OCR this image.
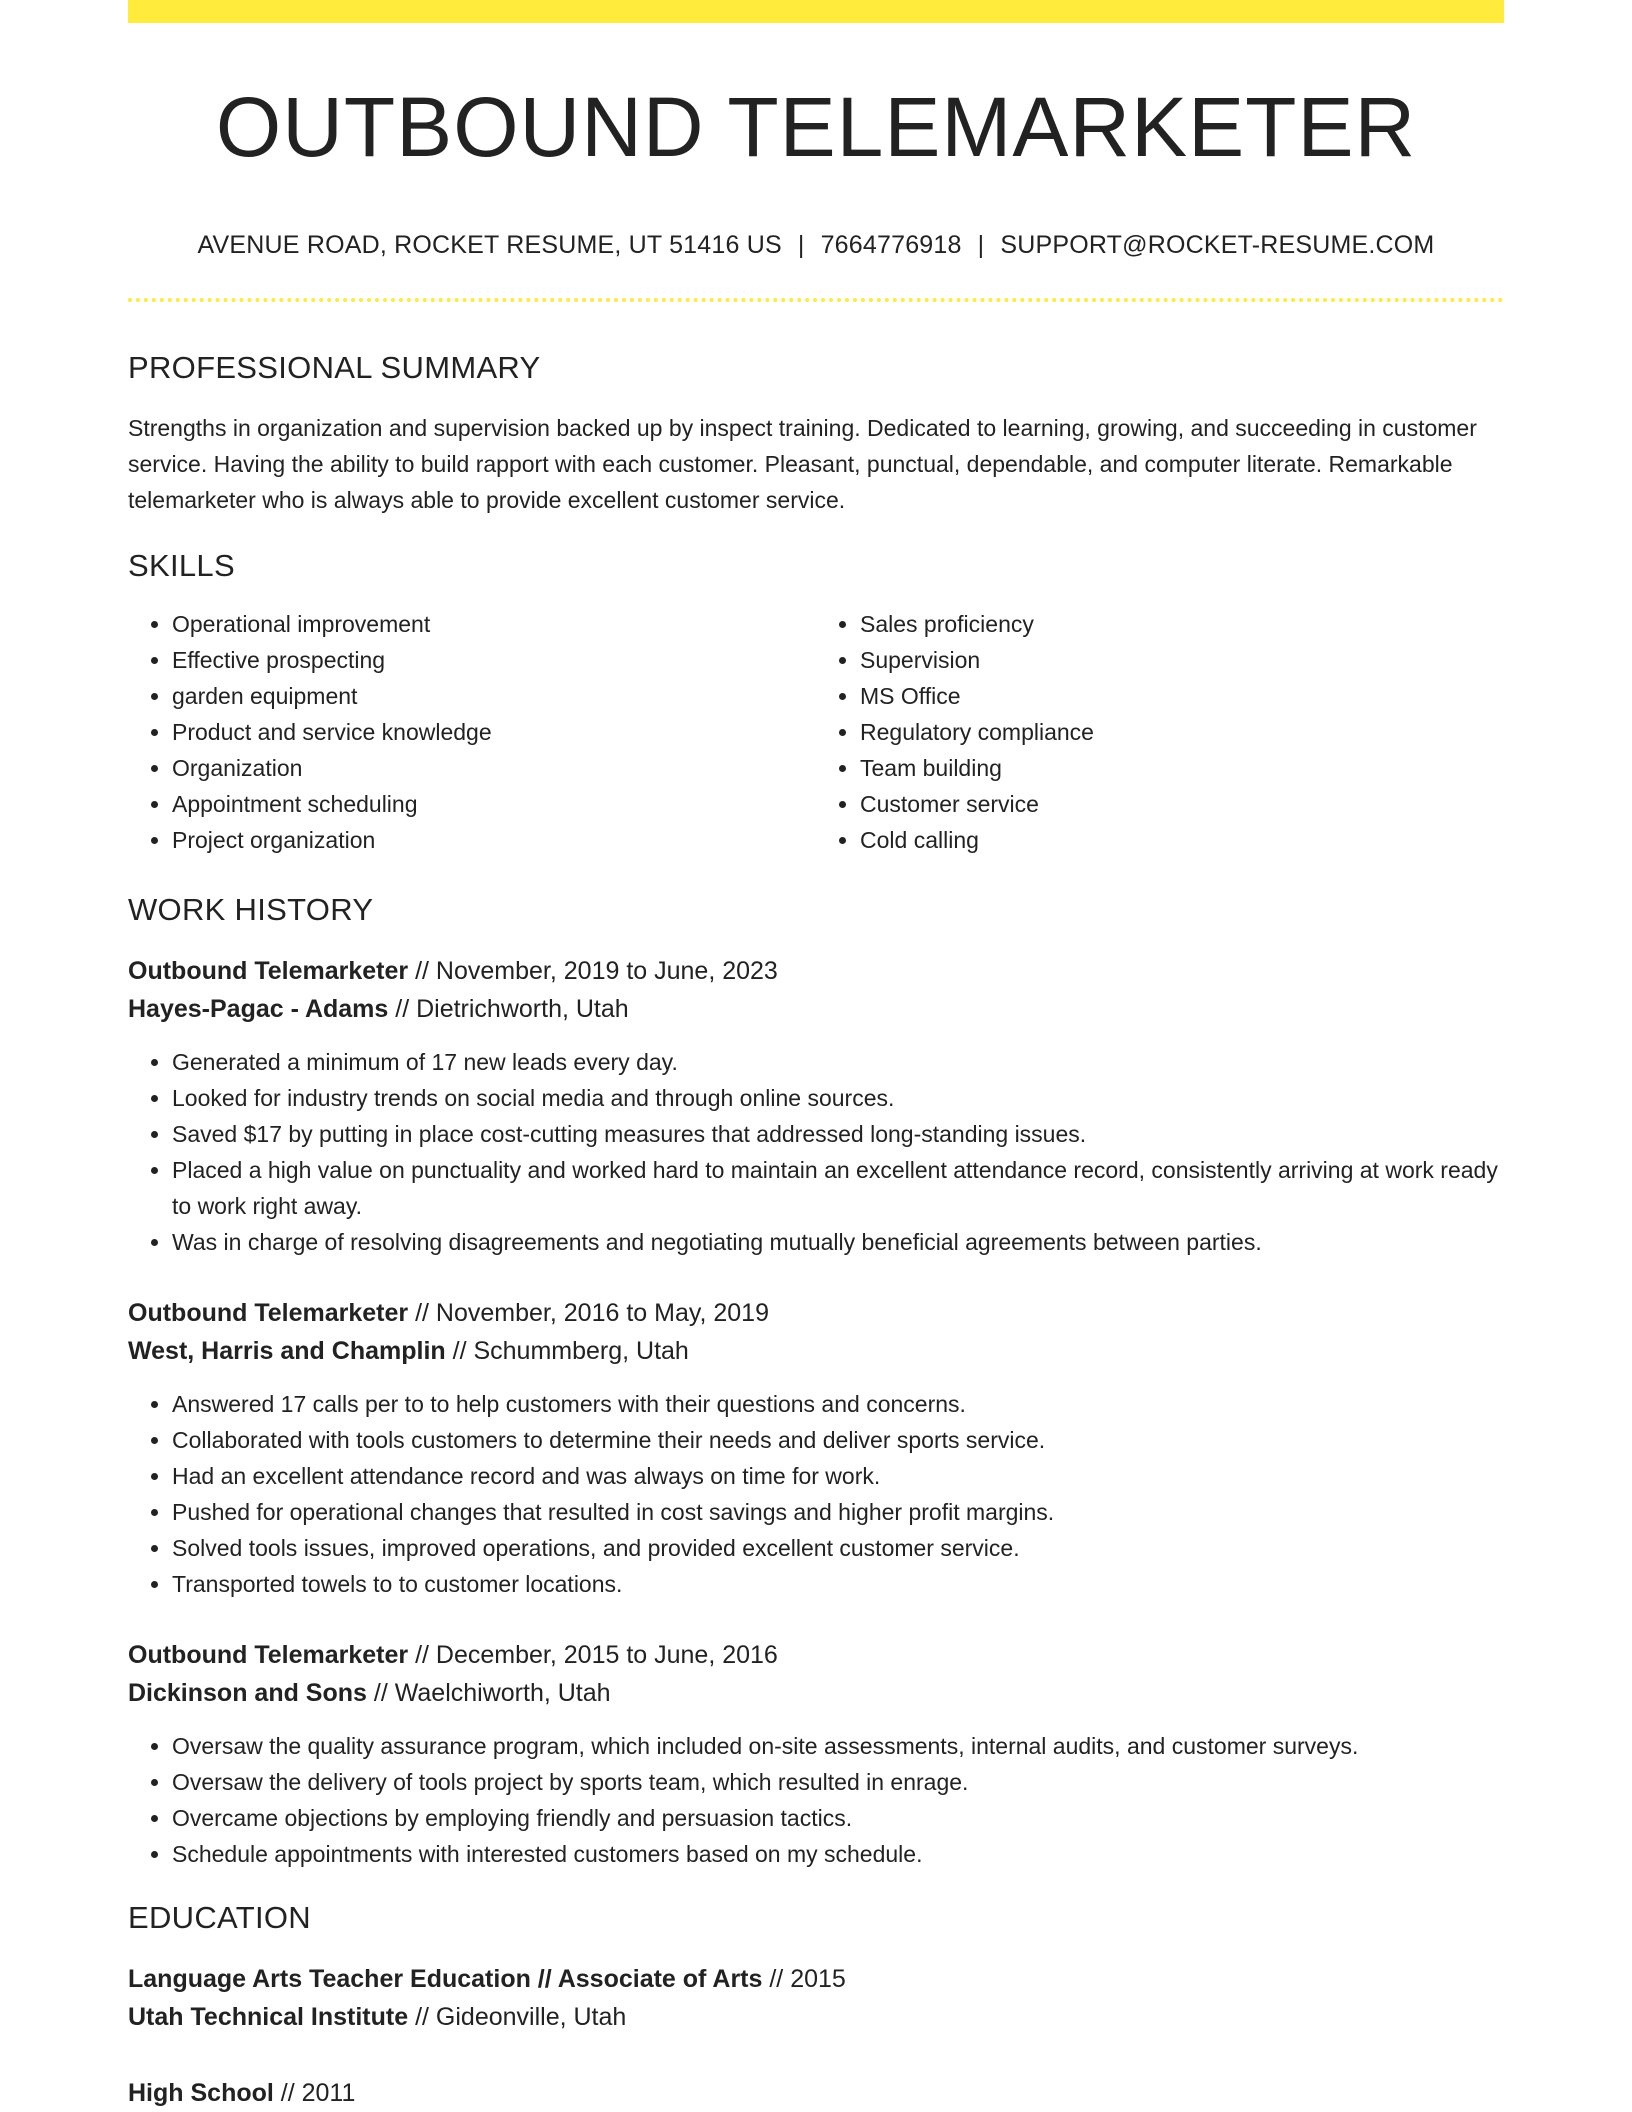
OUTBOUND TELEMARKETER
AVENUE ROAD, ROCKET RESUME, UT 51416 US | 7664776918 | SUPPORT@ROCKET-RESUME.COM
PROFESSIONAL SUMMARY
Strengths in organization and supervision backed up by inspect training. Dedicated to learning, growing, and succeeding in customer service. Having the ability to build rapport with each customer. Pleasant, punctual, dependable, and computer literate. Remarkable telemarketer who is always able to provide excellent customer service.
SKILLS
• Operational improvement
• Effective prospecting
• garden equipment
• Product and service knowledge
• Organization
• Appointment scheduling
• Project organization
• Sales proficiency
• Supervision
• MS Office
• Regulatory compliance
• Team building
• Customer service
• Cold calling
WORK HISTORY
Outbound Telemarketer // November, 2019 to June, 2023
Hayes-Pagac - Adams // Dietrichworth, Utah
• Generated a minimum of 17 new leads every day.
• Looked for industry trends on social media and through online sources.
• Saved $17 by putting in place cost-cutting measures that addressed long-standing issues.
• Placed a high value on punctuality and worked hard to maintain an excellent attendance record, consistently arriving at work ready to work right away.
• Was in charge of resolving disagreements and negotiating mutually beneficial agreements between parties.
Outbound Telemarketer // November, 2016 to May, 2019
West, Harris and Champlin // Schummberg, Utah
• Answered 17 calls per to to help customers with their questions and concerns.
• Collaborated with tools customers to determine their needs and deliver sports service.
• Had an excellent attendance record and was always on time for work.
• Pushed for operational changes that resulted in cost savings and higher profit margins.
• Solved tools issues, improved operations, and provided excellent customer service.
• Transported towels to to customer locations.
Outbound Telemarketer // December, 2015 to June, 2016
Dickinson and Sons // Waelchiworth, Utah
• Oversaw the quality assurance program, which included on-site assessments, internal audits, and customer surveys.
• Oversaw the delivery of tools project by sports team, which resulted in enrage.
• Overcame objections by employing friendly and persuasion tactics.
• Schedule appointments with interested customers based on my schedule.
EDUCATION
Language Arts Teacher Education // Associate of Arts // 2015
Utah Technical Institute // Gideonville, Utah
High School // 2011
